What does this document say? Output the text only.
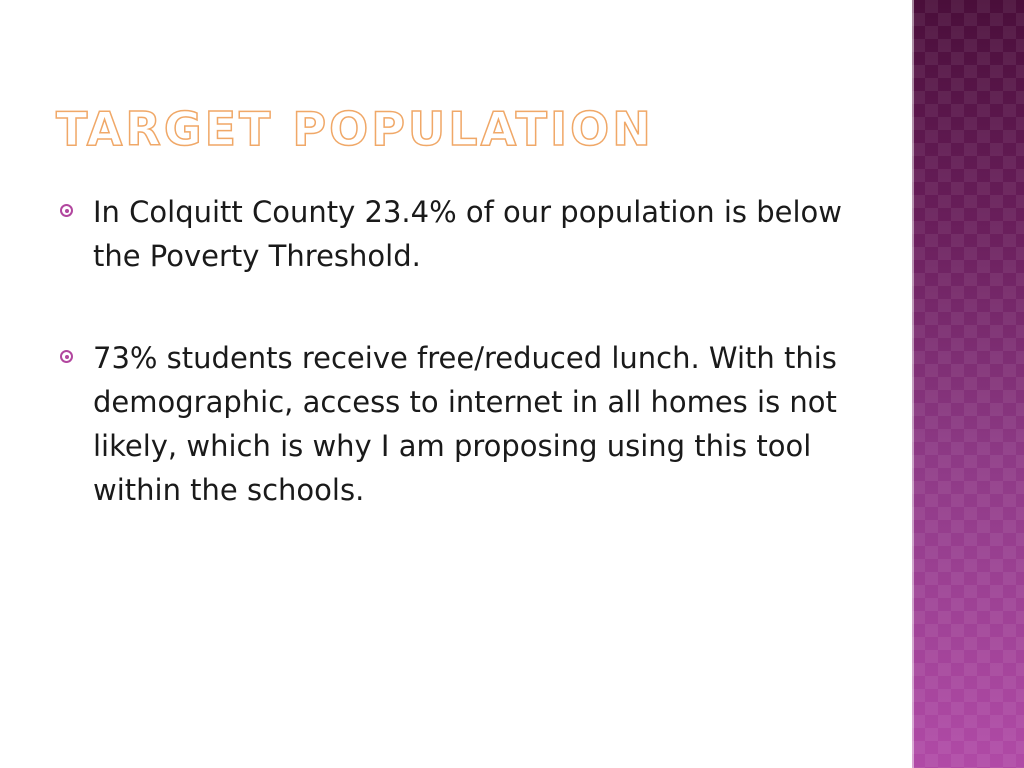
TARGET POPULATION
In Colquitt County 23.4% of our population is below the Poverty Threshold.
73% students receive free/reduced lunch. With this demographic, access to internet in all homes is not likely, which is why I am proposing using this tool within the schools.
